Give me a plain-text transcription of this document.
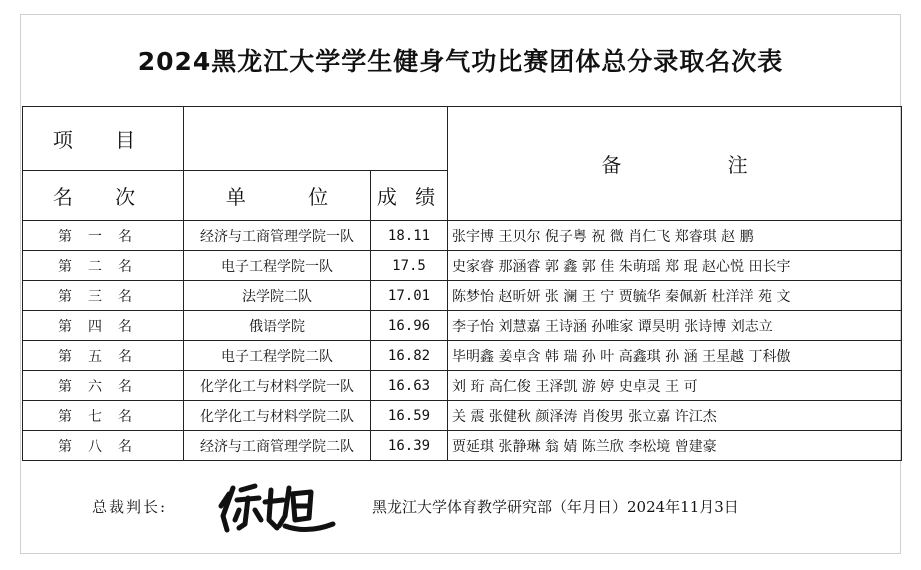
2024黑龙江大学学生健身气功比赛团体总分录取名次表
项 目			备 注
名 次	单 位	成 绩	
第一名	经济与工商管理学院一队	18.11	张宇博 王贝尔 倪子粤 祝 微 肖仁飞 郑睿琪 赵 鹏
第二名	电子工程学院一队	17.5	史家睿 那涵睿 郭 鑫 郭 佳 朱萌瑶 郑 琨 赵心悦 田长宇
第三名	法学院二队	17.01	陈梦怡 赵昕妍 张 澜 王 宁 贾毓华 秦佩新 杜洋洋 苑 文
第四名	俄语学院	16.96	李子怡 刘慧嘉 王诗涵 孙唯家 谭昊明 张诗博 刘志立
第五名	电子工程学院二队	16.82	毕明鑫 姜卓含 韩 瑞 孙 叶 高鑫琪 孙 涵 王星越 丁科傲
第六名	化学化工与材料学院一队	16.63	刘 珩 高仁俊 王泽凯 游 婷 史卓灵 王 可
第七名	化学化工与材料学院二队	16.59	关 震 张健秋 颜泽涛 肖俊男 张立嘉 许江杰
第八名	经济与工商管理学院二队	16.39	贾延琪 张静琳 翁 婧 陈兰欣 李松境 曾建豪
总裁判长:	黑龙江大学体育教学研究部（年月日）2024年11月3日
